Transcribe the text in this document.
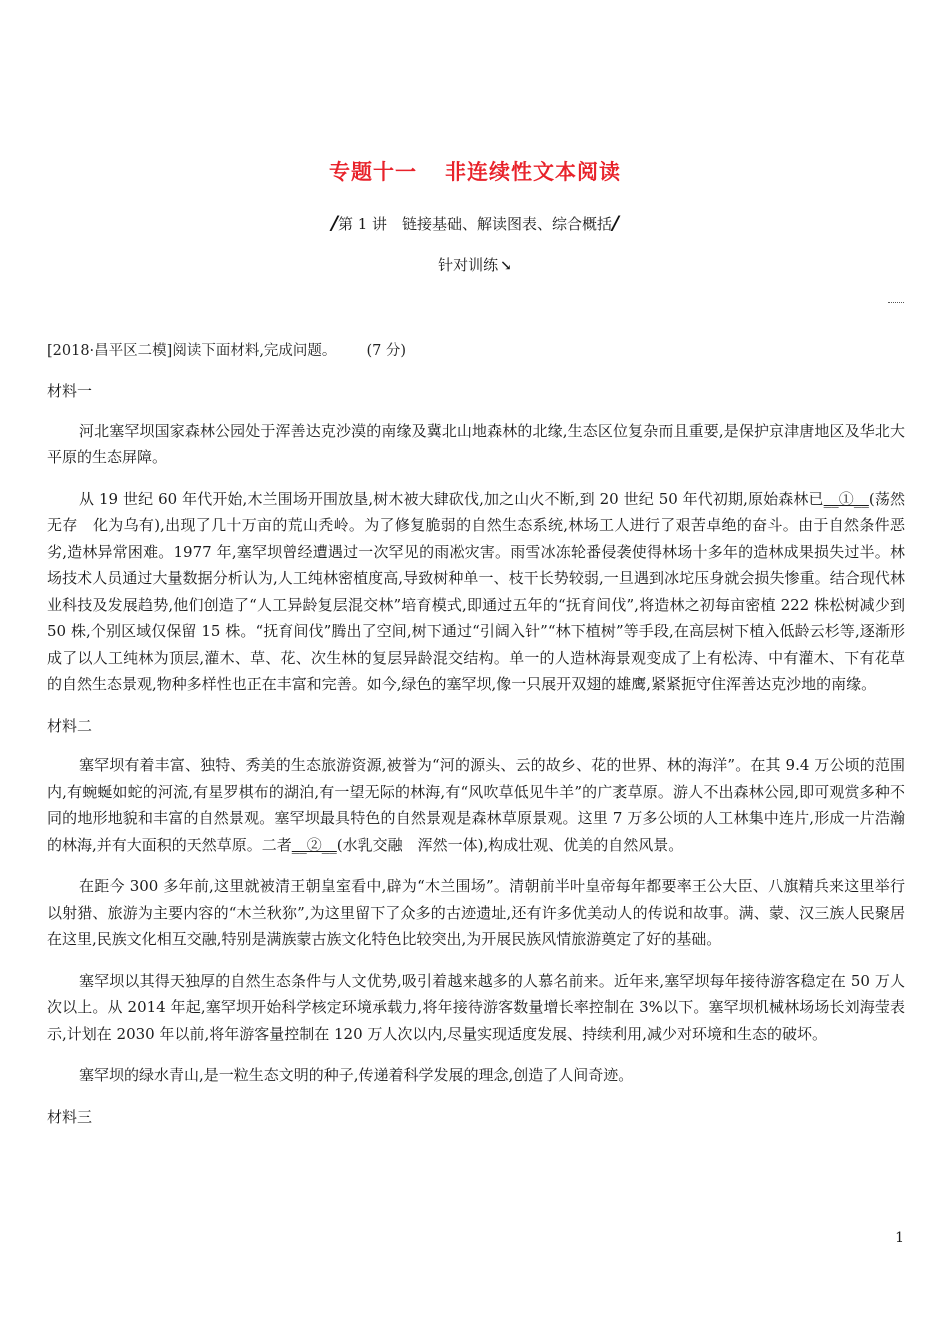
专题十一 非连续性文本阅读
/第 1 讲　链接基础、解读图表、综合概括/
针对训练 ↘
[2018·昌平区二模]阅读下面材料,完成问题。 (7 分)

材料一

河北塞罕坝国家森林公园处于浑善达克沙漠的南缘及冀北山地森林的北缘,生态区位复杂而且重要,是保护京津唐地区及华北大平原的生态屏障。

从 19 世纪 60 年代开始,木兰围场开围放垦,树木被大肆砍伐,加之山火不断,到 20 世纪 50 年代初期,原始森林已__①__(荡然无存　化为乌有),出现了几十万亩的荒山秃岭。为了修复脆弱的自然生态系统,林场工人进行了艰苦卓绝的奋斗。由于自然条件恶劣,造林异常困难。1977 年,塞罕坝曾经遭遇过一次罕见的雨凇灾害。雨雪冰冻轮番侵袭使得林场十多年的造林成果损失过半。林场技术人员通过大量数据分析认为,人工纯林密植度高,导致树种单一、枝干长势较弱,一旦遇到冰坨压身就会损失惨重。结合现代林业科技及发展趋势,他们创造了“人工异龄复层混交林”培育模式,即通过五年的“抚育间伐”,将造林之初每亩密植 222 株松树减少到 50 株,个别区域仅保留 15 株。“抚育间伐”腾出了空间,树下通过“引阔入针”“林下植树”等手段,在高层树下植入低龄云杉等,逐渐形成了以人工纯林为顶层,灌木、草、花、次生林的复层异龄混交结构。单一的人造林海景观变成了上有松涛、中有灌木、下有花草的自然生态景观,物种多样性也正在丰富和完善。如今,绿色的塞罕坝,像一只展开双翅的雄鹰,紧紧扼守住浑善达克沙地的南缘。

材料二

塞罕坝有着丰富、独特、秀美的生态旅游资源,被誉为“河的源头、云的故乡、花的世界、林的海洋”。在其 9.4 万公顷的范围内,有蜿蜒如蛇的河流,有星罗棋布的湖泊,有一望无际的林海,有“风吹草低见牛羊”的广袤草原。游人不出森林公园,即可观赏多种不同的地形地貌和丰富的自然景观。塞罕坝最具特色的自然景观是森林草原景观。这里 7 万多公顷的人工林集中连片,形成一片浩瀚的林海,并有大面积的天然草原。二者__②__(水乳交融　浑然一体),构成壮观、优美的自然风景。

在距今 300 多年前,这里就被清王朝皇室看中,辟为“木兰围场”。清朝前半叶皇帝每年都要率王公大臣、八旗精兵来这里举行以射猎、旅游为主要内容的“木兰秋狝”,为这里留下了众多的古迹遗址,还有许多优美动人的传说和故事。满、蒙、汉三族人民聚居在这里,民族文化相互交融,特别是满族蒙古族文化特色比较突出,为开展民族风情旅游奠定了好的基础。

塞罕坝以其得天独厚的自然生态条件与人文优势,吸引着越来越多的人慕名前来。近年来,塞罕坝每年接待游客稳定在 50 万人次以上。从 2014 年起,塞罕坝开始科学核定环境承载力,将年接待游客数量增长率控制在 3%以下。塞罕坝机械林场场长刘海莹表示,计划在 2030 年以前,将年游客量控制在 120 万人次以内,尽量实现适度发展、持续利用,减少对环境和生态的破坏。

塞罕坝的绿水青山,是一粒生态文明的种子,传递着科学发展的理念,创造了人间奇迹。

材料三

1
